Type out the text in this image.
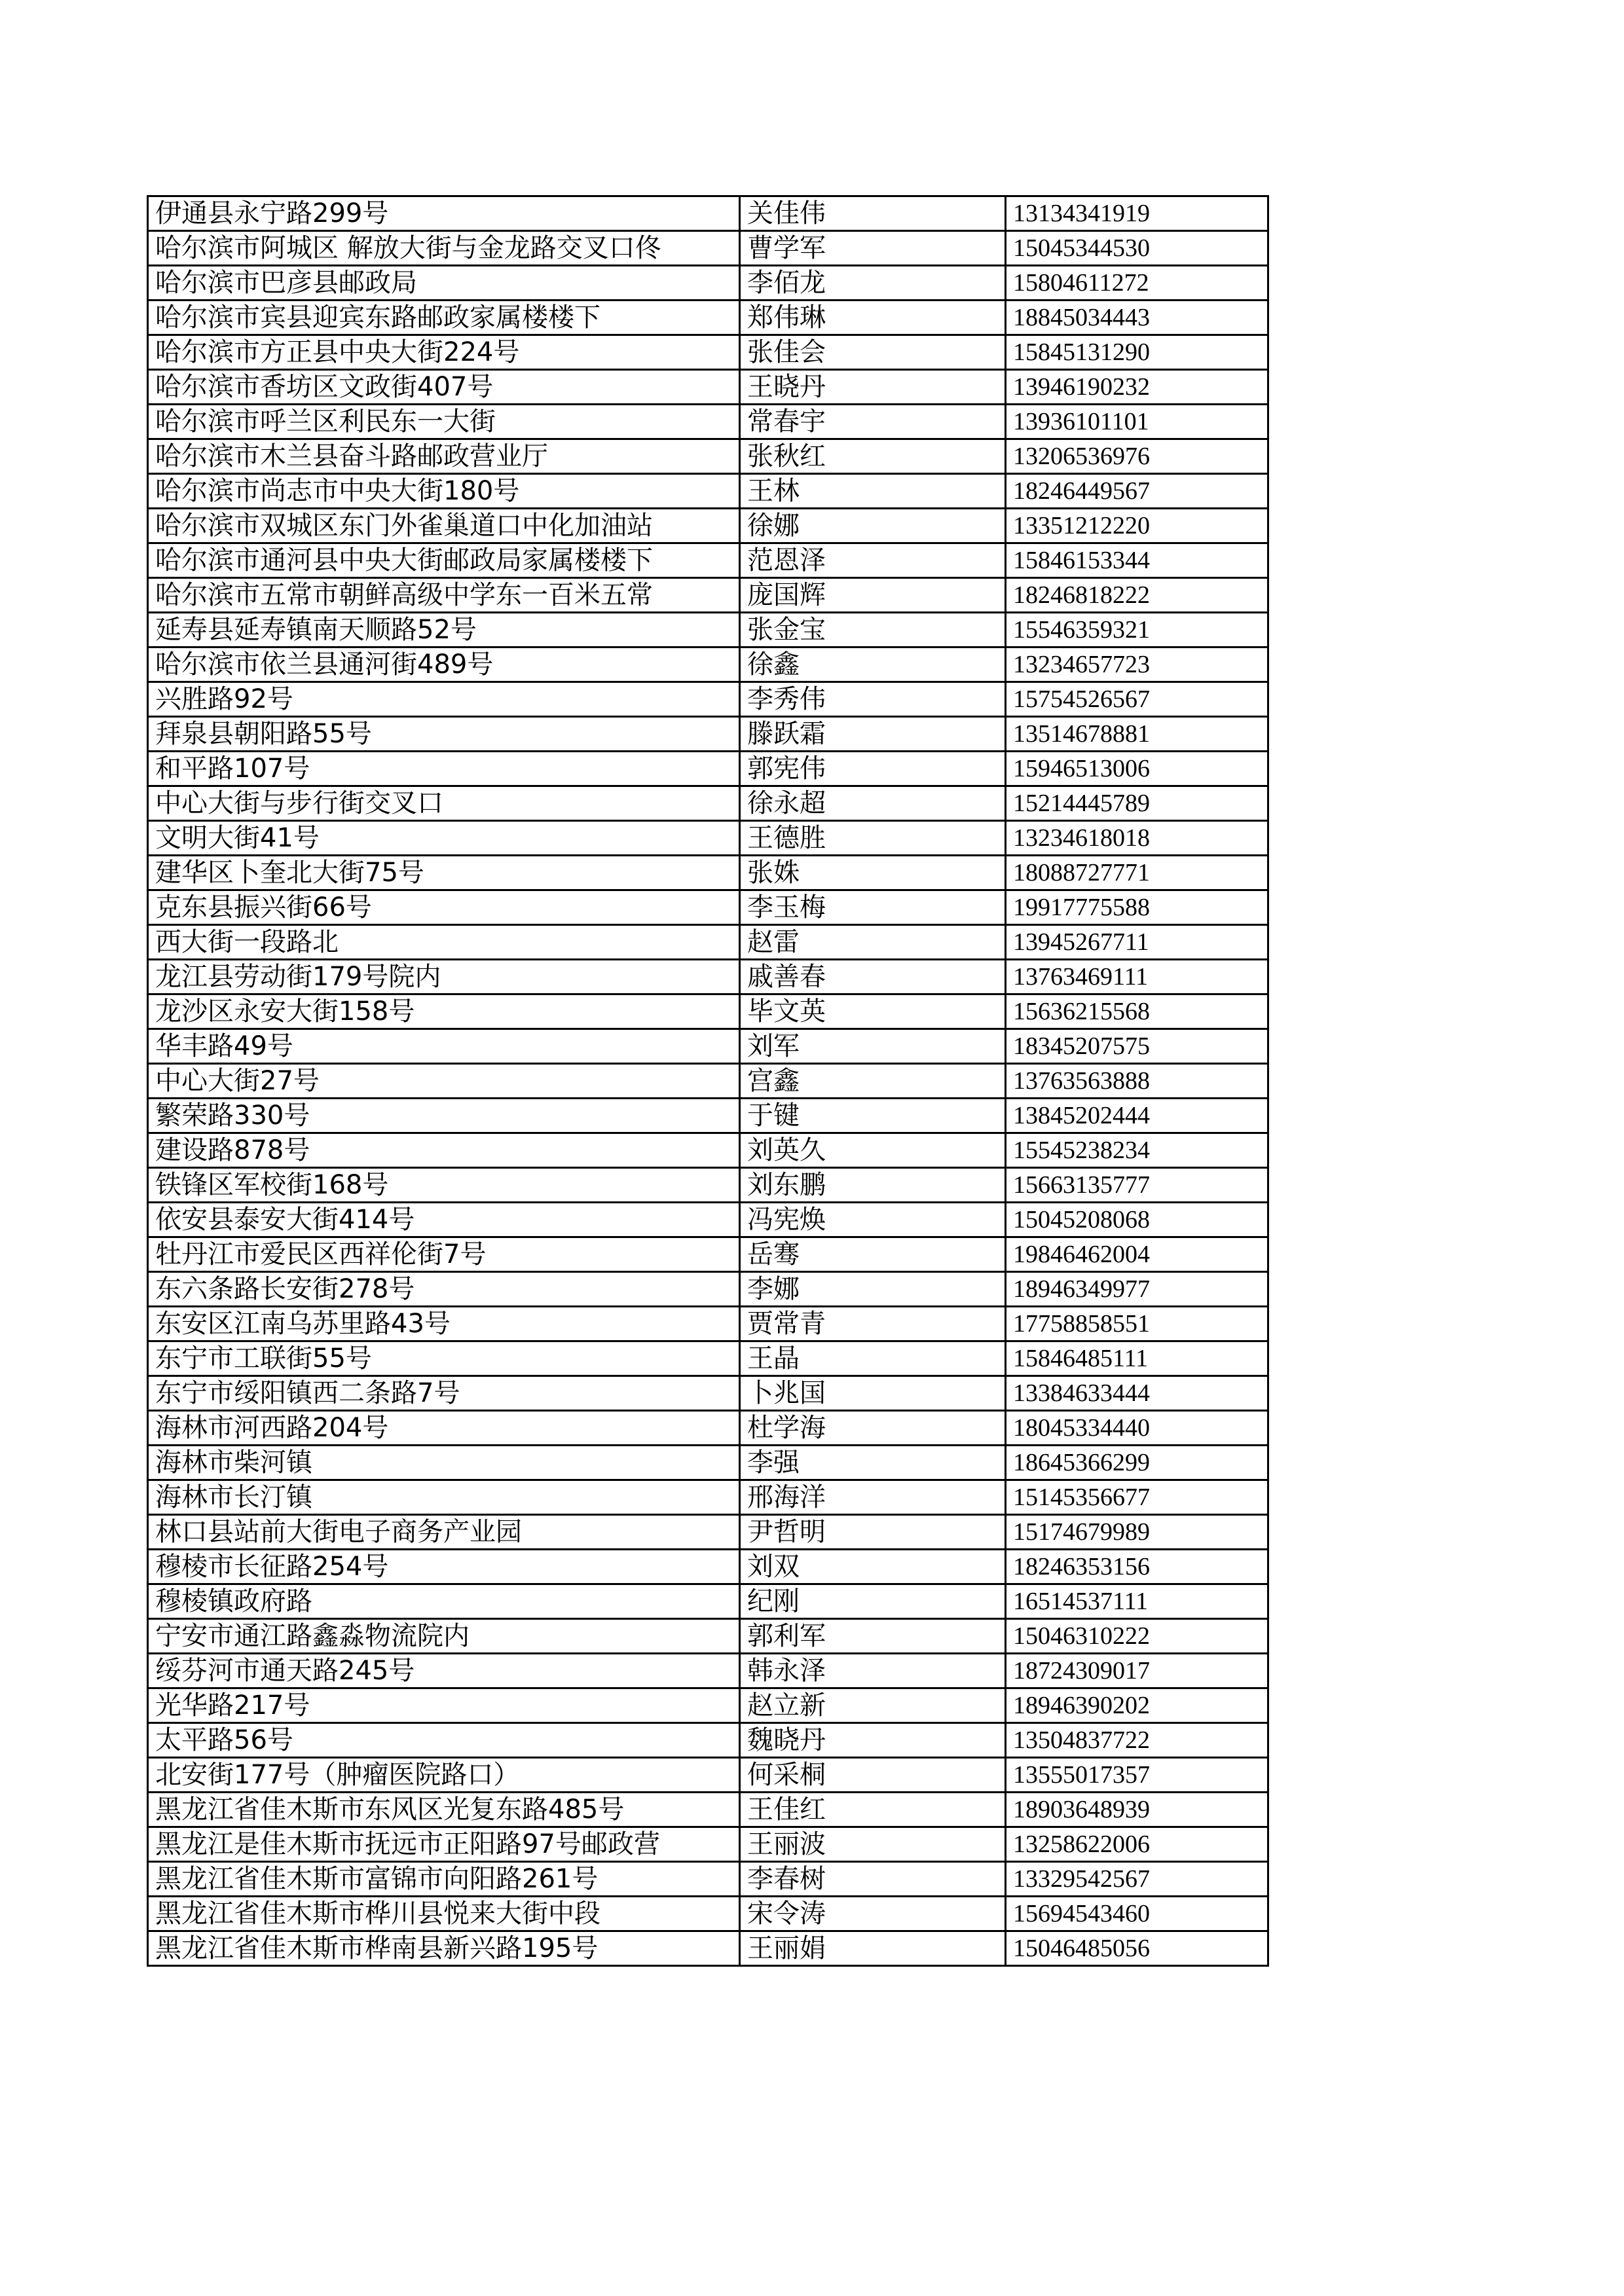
伊通县永宁路299号	关佳伟	13134341919
哈尔滨市阿城区 解放大街与金龙路交叉口佟	曹学军	15045344530
哈尔滨市巴彦县邮政局	李佰龙	15804611272
哈尔滨市宾县迎宾东路邮政家属楼楼下	郑伟琳	18845034443
哈尔滨市方正县中央大街224号	张佳会	15845131290
哈尔滨市香坊区文政街407号	王晓丹	13946190232
哈尔滨市呼兰区利民东一大街	常春宇	13936101101
哈尔滨市木兰县奋斗路邮政营业厅	张秋红	13206536976
哈尔滨市尚志市中央大街180号	王林	18246449567
哈尔滨市双城区东门外雀巢道口中化加油站	徐娜	13351212220
哈尔滨市通河县中央大街邮政局家属楼楼下	范恩泽	15846153344
哈尔滨市五常市朝鲜高级中学东一百米五常	庞国辉	18246818222
延寿县延寿镇南天顺路52号	张金宝	15546359321
哈尔滨市依兰县通河街489号	徐鑫	13234657723
兴胜路92号	李秀伟	15754526567
拜泉县朝阳路55号	滕跃霜	13514678881
和平路107号	郭宪伟	15946513006
中心大街与步行街交叉口	徐永超	15214445789
文明大街41号	王德胜	13234618018
建华区卜奎北大街75号	张姝	18088727771
克东县振兴街66号	李玉梅	19917775588
西大街一段路北	赵雷	13945267711
龙江县劳动街179号院内	戚善春	13763469111
龙沙区永安大街158号	毕文英	15636215568
华丰路49号	刘军	18345207575
中心大街27号	宫鑫	13763563888
繁荣路330号	于键	13845202444
建设路878号	刘英久	15545238234
铁锋区军校街168号	刘东鹏	15663135777
依安县泰安大街414号	冯宪焕	15045208068
牡丹江市爱民区西祥伦街7号	岳骞	19846462004
东六条路长安街278号	李娜	18946349977
东安区江南乌苏里路43号	贾常青	17758858551
东宁市工联街55号	王晶	15846485111
东宁市绥阳镇西二条路7号	卜兆国	13384633444
海林市河西路204号	杜学海	18045334440
海林市柴河镇	李强	18645366299
海林市长汀镇	邢海洋	15145356677
林口县站前大街电子商务产业园	尹哲明	15174679989
穆棱市长征路254号	刘双	18246353156
穆棱镇政府路	纪刚	16514537111
宁安市通江路鑫淼物流院内	郭利军	15046310222
绥芬河市通天路245号	韩永泽	18724309017
光华路217号	赵立新	18946390202
太平路56号	魏晓丹	13504837722
北安街177号（肿瘤医院路口）	何采桐	13555017357
黑龙江省佳木斯市东风区光复东路485号	王佳红	18903648939
黑龙江是佳木斯市抚远市正阳路97号邮政营	王丽波	13258622006
黑龙江省佳木斯市富锦市向阳路261号	李春树	13329542567
黑龙江省佳木斯市桦川县悦来大街中段	宋令涛	15694543460
黑龙江省佳木斯市桦南县新兴路195号	王丽娟	15046485056
